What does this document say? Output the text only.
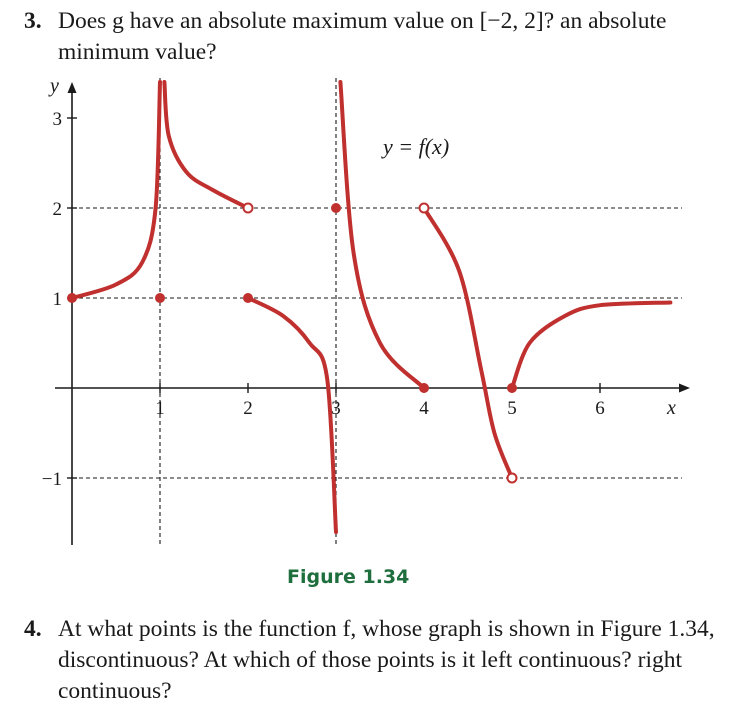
3. Does g have an absolute maximum value on [−2, 2]? an absolute minimum value?
y
x
1	2	3	4	5	6
3
2
1
−1
y = f(x)
Figure 1.34
4. At what points is the function f, whose graph is shown in Figure 1.34, discontinuous? At which of those points is it left continuous? right continuous?
